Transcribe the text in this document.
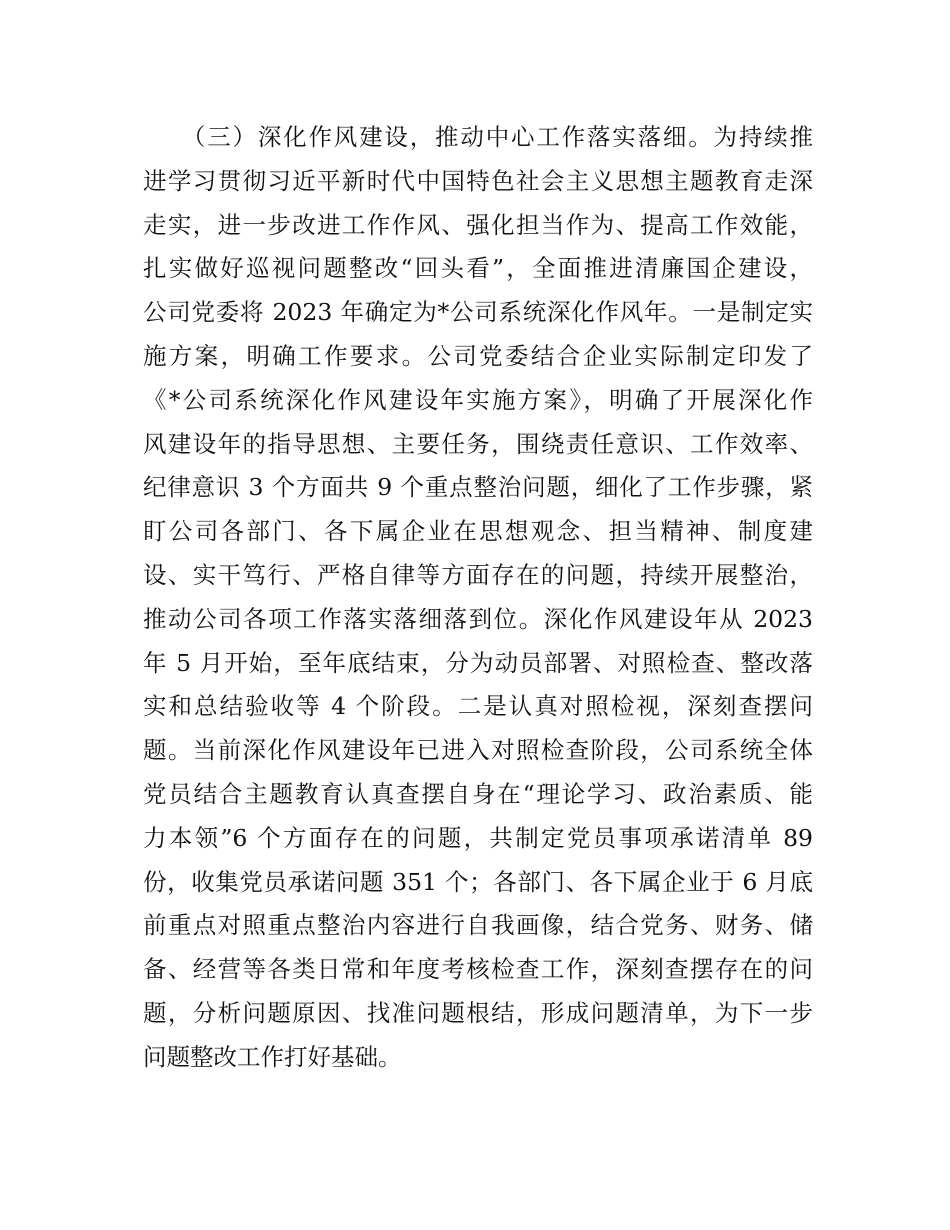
　　（三）深化作风建设，推动中心工作落实落细。为持续推
进学习贯彻习近平新时代中国特色社会主义思想主题教育走深
走实，进一步改进工作作风、强化担当作为、提高工作效能，
扎实做好巡视问题整改“回头看”，全面推进清廉国企建设，
公司党委将 2023 年确定为*公司系统深化作风年。一是制定实
施方案，明确工作要求。公司党委结合企业实际制定印发了
《*公司系统深化作风建设年实施方案》，明确了开展深化作
风建设年的指导思想、主要任务，围绕责任意识、工作效率、
纪律意识 3 个方面共 9 个重点整治问题，细化了工作步骤，紧
盯公司各部门、各下属企业在思想观念、担当精神、制度建
设、实干笃行、严格自律等方面存在的问题，持续开展整治，
推动公司各项工作落实落细落到位。深化作风建设年从 2023
年 5 月开始，至年底结束，分为动员部署、对照检查、整改落
实和总结验收等 4 个阶段。二是认真对照检视，深刻查摆问
题。当前深化作风建设年已进入对照检查阶段，公司系统全体
党员结合主题教育认真查摆自身在“理论学习、政治素质、能
力本领”6 个方面存在的问题，共制定党员事项承诺清单 89
份，收集党员承诺问题 351 个；各部门、各下属企业于 6 月底
前重点对照重点整治内容进行自我画像，结合党务、财务、储
备、经营等各类日常和年度考核检查工作，深刻查摆存在的问
题，分析问题原因、找准问题根结，形成问题清单，为下一步
问题整改工作打好基础。
